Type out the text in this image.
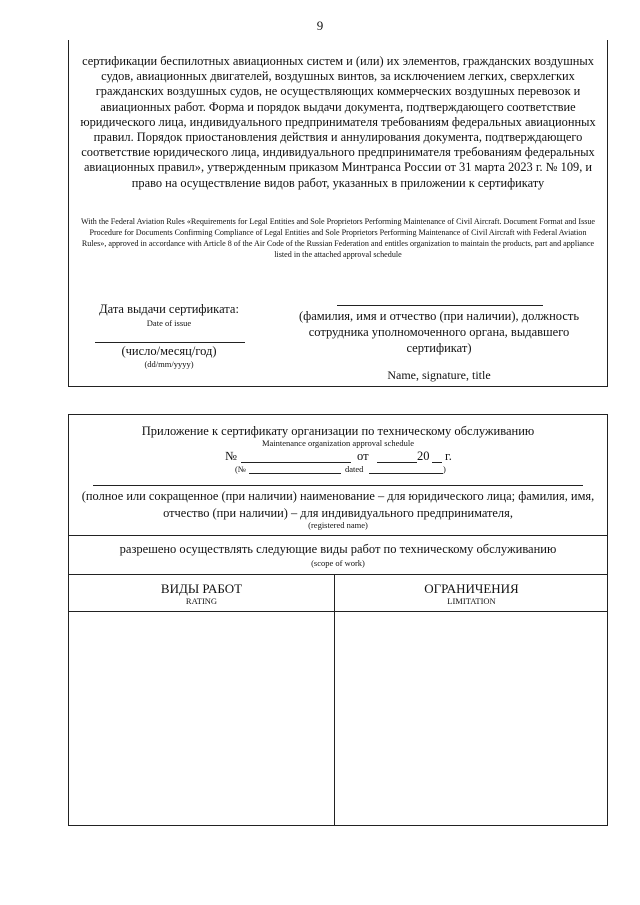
9
сертификации беспилотных авиационных систем и (или) их элементов, гражданских воздушных судов, авиационных двигателей, воздушных винтов, за исключением легких, сверхлегких гражданских воздушных судов, не осуществляющих коммерческих воздушных перевозок и авиационных работ. Форма и порядок выдачи документа, подтверждающего соответствие юридического лица, индивидуального предпринимателя требованиям федеральных авиационных правил. Порядок приостановления действия и аннулирования документа, подтверждающего соответствие юридического лица, индивидуального предпринимателя требованиям федеральных авиационных правил», утвержденным приказом Минтранса России от 31 марта 2023 г. № 109, и право на осуществление видов работ, указанных в приложении к сертификату
With the Federal Aviation Rules «Requirements for Legal Entities and Sole Proprietors Performing Maintenance of Civil Aircraft. Document Format and Issue Procedure for Documents Confirming Compliance of Legal Entities and Sole Proprietors Performing Maintenance of Civil Aircraft with Federal Aviation Rules», approved in accordance with Article 8 of the Air Code of the Russian Federation and entitles organization to maintain the products, part and appliance listed in the attached approval schedule
Дата выдачи сертификата:
Date of issue
(число/месяц/год)
(dd/mm/yyyy)
(фамилия, имя и отчество (при наличии), должность сотрудника уполномоченного органа, выдавшего сертификат)
Name, signature, title
Приложение к сертификату организации по техническому обслуживанию
Maintenance organization approval schedule
№	от	20 г.
(№	dated	)
(полное или сокращенное (при наличии) наименование – для юридического лица; фамилия, имя, отчество (при наличии) – для индивидуального предпринимателя,
(registered name)
разрешено осуществлять следующие виды работ по техническому обслуживанию
(scope of work)
ВИДЫ РАБОТ
RATING
ОГРАНИЧЕНИЯ
LIMITATION
